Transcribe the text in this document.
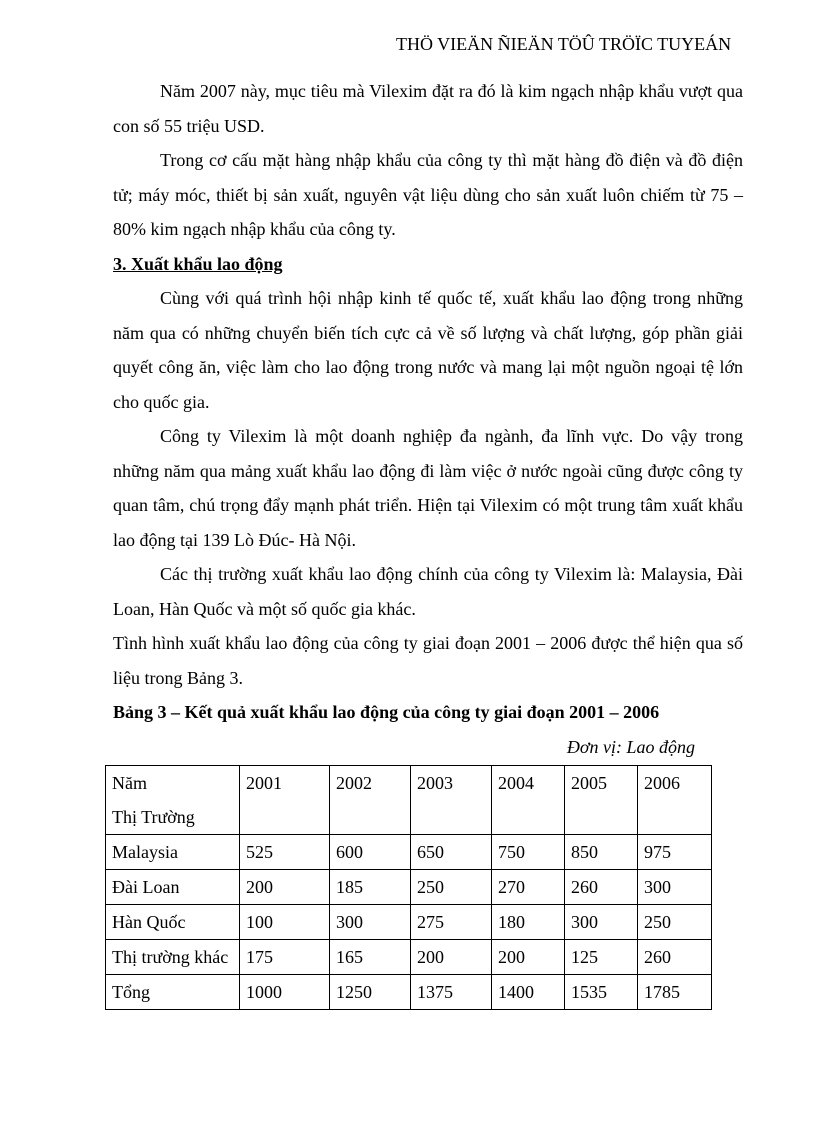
THÖ VIEÄN ÑIEÄN TÖÛ TRÖÏC TUYEÁN

Năm 2007 này, mục tiêu mà Vilexim đặt ra đó là kim ngạch nhập khẩu vượt qua con số 55 triệu USD.

Trong cơ cấu mặt hàng nhập khẩu của công ty thì mặt hàng đồ điện và đồ điện tử; máy móc, thiết bị sản xuất, nguyên vật liệu dùng cho sản xuất luôn chiếm từ 75 – 80% kim ngạch nhập khẩu của công ty.

3. Xuất khẩu lao động

Cùng với quá trình hội nhập kinh tế quốc tế, xuất khẩu lao động trong những năm qua có những chuyển biến tích cực cả về số lượng và chất lượng, góp phần giải quyết công ăn, việc làm cho lao động trong nước và mang lại một nguồn ngoại tệ lớn cho quốc gia.

Công ty Vilexim là một doanh nghiệp đa ngành, đa lĩnh vực. Do vậy trong những năm qua mảng xuất khẩu lao động đi làm việc ở nước ngoài cũng được công ty quan tâm, chú trọng đẩy mạnh phát triển. Hiện tại Vilexim có một trung tâm xuất khẩu lao động tại 139 Lò Đúc- Hà Nội.

Các thị trường xuất khẩu lao động chính của công ty Vilexim là: Malaysia, Đài Loan, Hàn Quốc và một số quốc gia khác.

Tình hình xuất khẩu lao động của công ty giai đoạn 2001 – 2006 được thể hiện qua số liệu trong Bảng 3.

Bảng 3 – Kết quả xuất khẩu lao động của công ty giai đoạn 2001 – 2006

Đơn vị: Lao động

Năm
Thị Trường	2001	2002	2003	2004	2005	2006
Malaysia	525	600	650	750	850	975
Đài Loan	200	185	250	270	260	300
Hàn Quốc	100	300	275	180	300	250
Thị trường khác	175	165	200	200	125	260
Tổng	1000	1250	1375	1400	1535	1785
